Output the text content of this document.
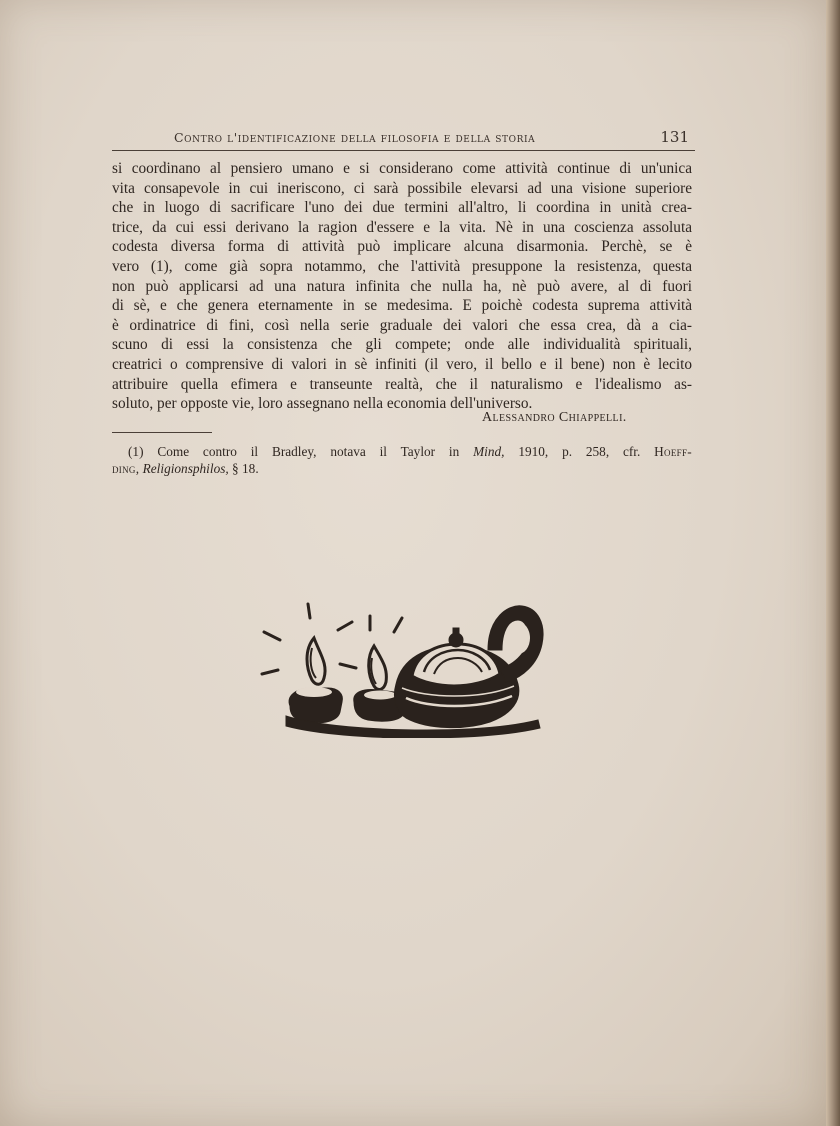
Contro l'identificazione della filosofia e della storia	131
si coordinano al pensiero umano e si considerano come attività continue di un'unica
vita consapevole in cui ineriscono, ci sarà possibile elevarsi ad una visione superiore
che in luogo di sacrificare l'uno dei due termini all'altro, li coordina in unità crea-
trice, da cui essi derivano la ragion d'essere e la vita. Nè in una coscienza assoluta
codesta diversa forma di attività può implicare alcuna disarmonia. Perchè, se è
vero (1), come già sopra notammo, che l'attività presuppone la resistenza, questa
non può applicarsi ad una natura infinita che nulla ha, nè può avere, al di fuori
di sè, e che genera eternamente in se medesima. E poichè codesta suprema attività
è ordinatrice di fini, così nella serie graduale dei valori che essa crea, dà a cia-
scuno di essi la consistenza che gli compete; onde alle individualità spirituali,
creatrici o comprensive di valori in sè infiniti (il vero, il bello e il bene) non è lecito
attribuire quella efimera e transeunte realtà, che il naturalismo e l'idealismo as-
soluto, per opposte vie, loro assegnano nella economia dell'universo.
Alessandro Chiappelli.
(1) Come contro il Bradley, notava il Taylor in Mind, 1910, p. 258, cfr. Hoeff-
ding, Religionsphilos, § 18.
